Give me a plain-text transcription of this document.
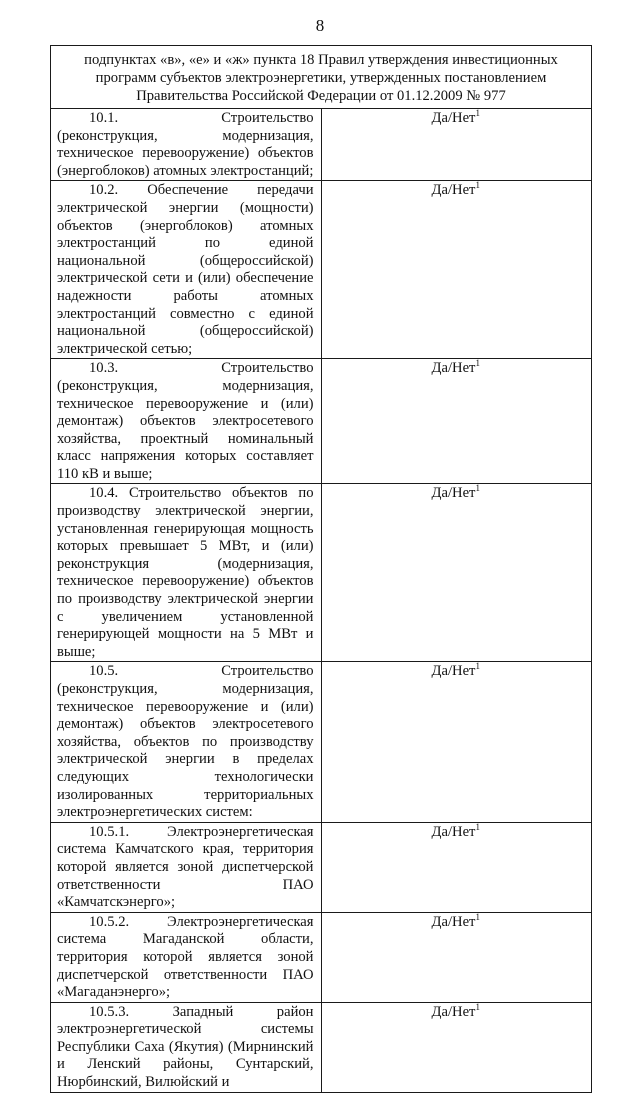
8
подпунктах «в», «е» и «ж» пункта 18 Правил утверждения инвестиционных программ субъектов электроэнергетики, утвержденных постановлением Правительства Российской Федерации от 01.12.2009 № 977	

10.1. Строительство (реконструкция, модернизация, техническое перевооружение) объектов (энергоблоков) атомных электростанций;	Да/Нет$^1$

10.2. Обеспечение передачи электрической энергии (мощности) объектов (энергоблоков) атомных электростанций по единой национальной (общероссийской) электрической сети и (или) обеспечение надежности работы атомных электростанций совместно с единой национальной (общероссийской) электрической сетью;	Да/Нет$^1$

10.3. Строительство (реконструкция, модернизация, техническое перевооружение и (или) демонтаж) объектов электросетевого хозяйства, проектный номинальный класс напряжения которых составляет 110 кВ и выше;	Да/Нет$^1$

10.4. Строительство объектов по производству электрической энергии, установленная генерирующая мощность которых превышает 5 МВт, и (или) реконструкция (модернизация, техническое перевооружение) объектов по производству электрической энергии с увеличением установленной генерирующей мощности на 5 МВт и выше;	Да/Нет$^1$

10.5. Строительство (реконструкция, модернизация, техническое перевооружение и (или) демонтаж) объектов электросетевого хозяйства, объектов по производству электрической энергии в пределах следующих технологически изолированных территориальных электроэнергетических систем:	Да/Нет$^1$

10.5.1. Электроэнергетическая система Камчатского края, территория которой является зоной диспетчерской ответственности ПАО «Камчатскэнерго»;	Да/Нет$^1$

10.5.2. Электроэнергетическая система Магаданской области, территория которой является зоной диспетчерской ответственности ПАО «Магаданэнерго»;	Да/Нет$^1$

10.5.3. Западный район электроэнергетической системы Республики Саха (Якутия) (Мирнинский и Ленский районы, Сунтарский, Нюрбинский, Вилюйский и	Да/Нет$^1$
